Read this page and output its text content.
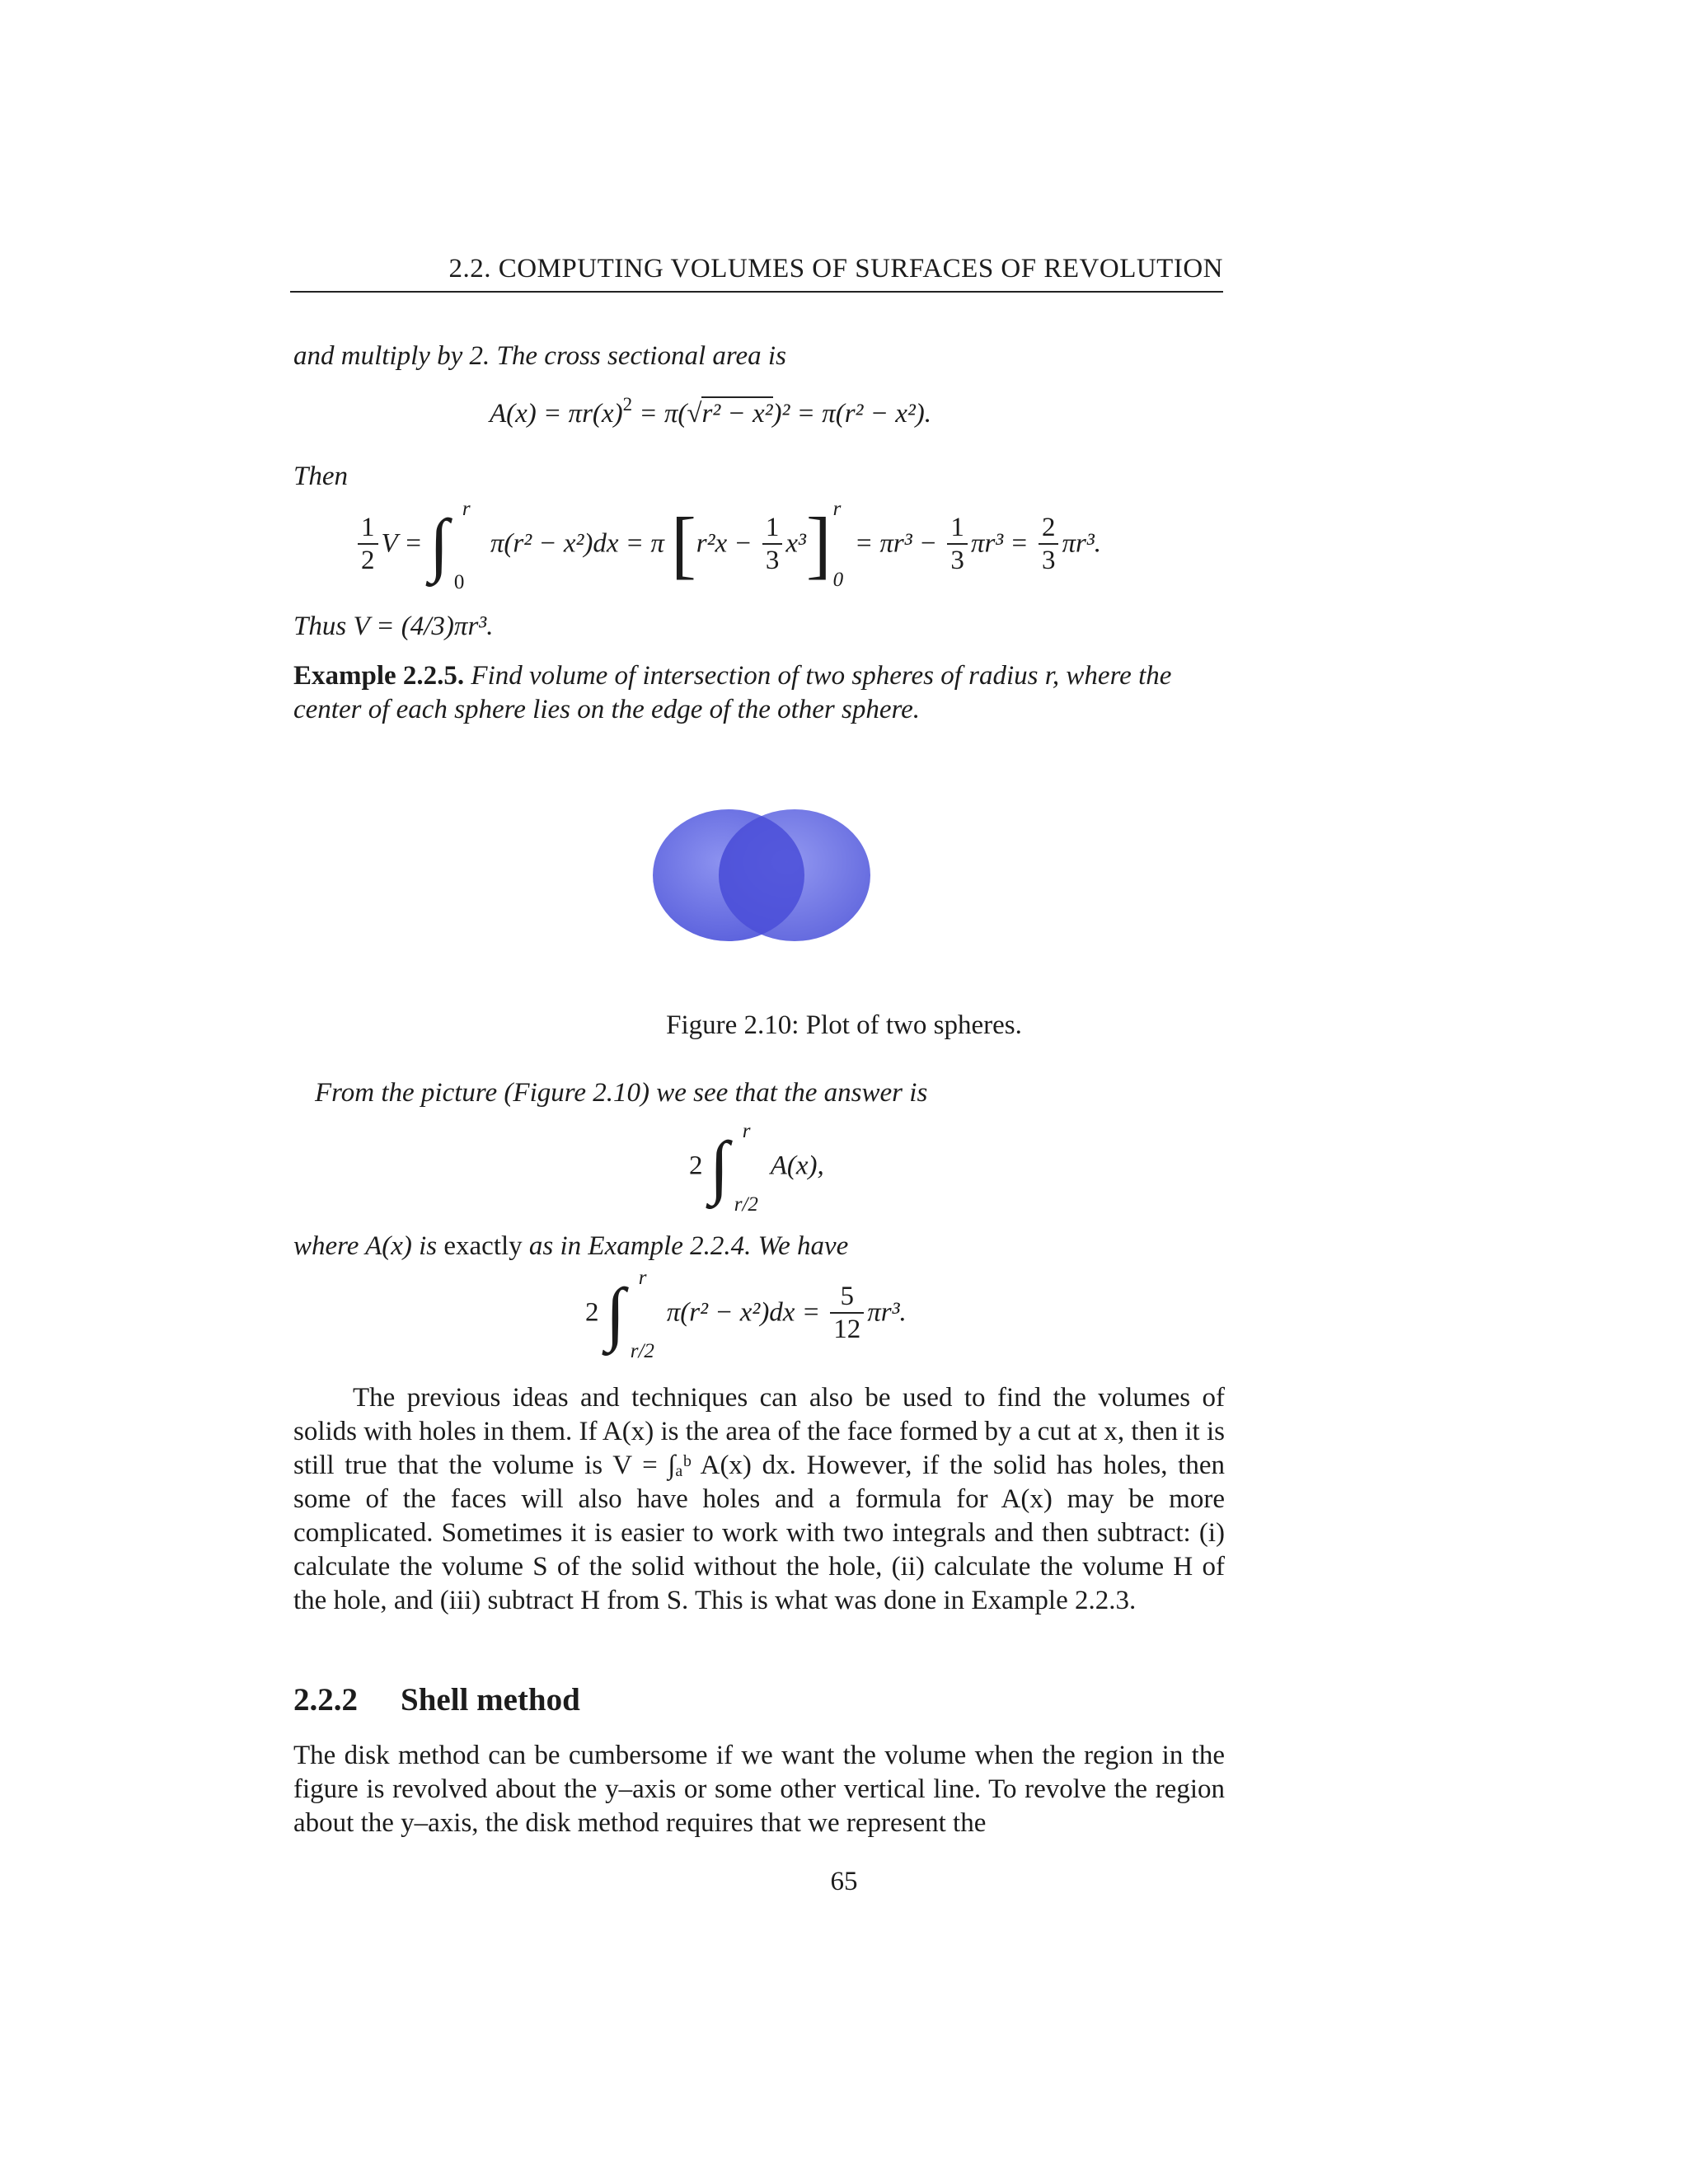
2.2. COMPUTING VOLUMES OF SURFACES OF REVOLUTION
and multiply by 2. The cross sectional area is
$A(x) = \pi r(x)^2 = \pi(√r^2 - x^2)^2 = \pi(r^2 - x^2)$.
Then
$\frac{1}{2}$ V = ∫ r
0
π(r² − x²)dx = π $[r^2x - \frac{1}{3} x^3]$ r
0
= $\pi r^3 - \frac{1}{3} \pi r^3 = \frac{2}{3} \pi r^3$.
Thus V = (4/3)πr³.
Example 2.2.5. Find volume of intersection of two spheres of radius r, where the center of each sphere lies on the edge of the other sphere.
Figure 2.10: Plot of two spheres.
From the picture (Figure 2.10) we see that the answer is
2 ∫ r
r/2
A(x),
where A(x) is exactly as in Example 2.2.4. We have
2 ∫ r
r/2
$\pi(r^2 - x^2)dx = \frac{5}{12} \pi r^3$.
The previous ideas and techniques can also be used to find the volumes of solids with holes in them. If A(x) is the area of the face formed by a cut at x, then it is still true that the volume is V = ∫ₐᵇ A(x) dx. However, if the solid has holes, then some of the faces will also have holes and a formula for A(x) may be more complicated. Sometimes it is easier to work with two integrals and then subtract: (i) calculate the volume S of the solid without the hole, (ii) calculate the volume H of the hole, and (iii) subtract H from S. This is what was done in Example 2.2.3.
2.2.2 Shell method
The disk method can be cumbersome if we want the volume when the region in the figure is revolved about the y–axis or some other vertical line. To revolve the region about the y–axis, the disk method requires that we represent the
65
